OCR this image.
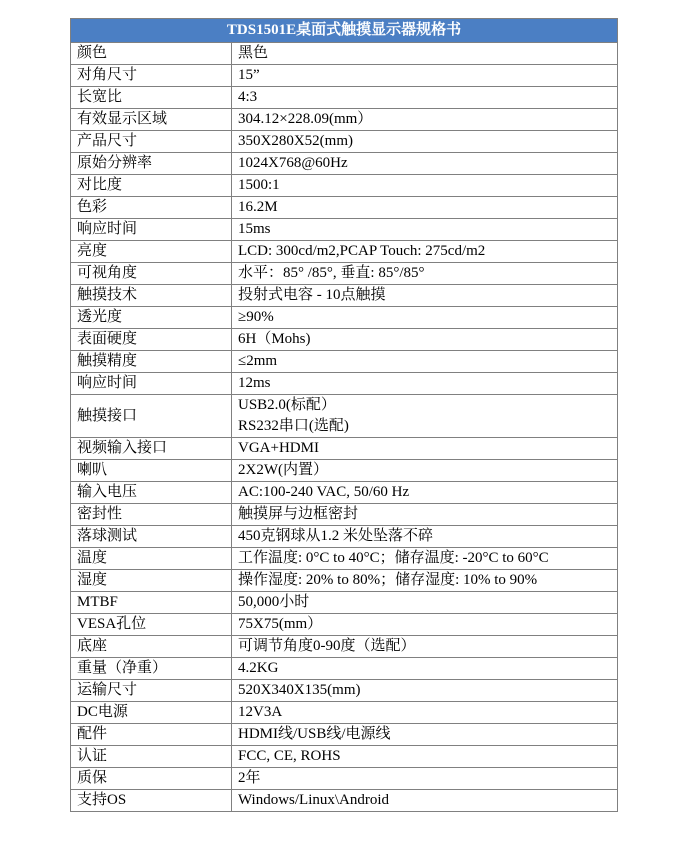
TDS1501E桌面式触摸显示器规格书	
颜色	黑色
对角尺寸	15”
长宽比	4:3
有效显示区域	304.12×228.09(mm）
产品尺寸	350X280X52(mm)
原始分辨率	1024X768@60Hz
对比度	1500:1
色彩	16.2M
响应时间	15ms
亮度	LCD: 300cd/m2,PCAP Touch: 275cd/m2
可视角度	水平：85° /85°, 垂直: 85°/85°
触摸技术	投射式电容 - 10点触摸
透光度	≥90%
表面硬度	6H（Mohs)
触摸精度	≤2mm
响应时间	12ms
触摸接口	USB2.0(标配）
RS232串口(选配)

视频输入接口	VGA+HDMI
喇叭	2X2W(内置）
输入电压	AC:100-240 VAC, 50/60 Hz
密封性	触摸屏与边框密封
落球测试	450克钢球从1.2 米处坠落不碎
温度	工作温度: 0°C to 40°C；储存温度: -20°C to 60°C
湿度	操作湿度: 20% to 80%；储存湿度: 10% to 90%
MTBF	50,000小时
VESA孔位	75X75(mm）
底座	可调节角度0-90度（选配）
重量（净重）	4.2KG
运输尺寸	520X340X135(mm)
DC电源	12V3A
配件	HDMI线/USB线/电源线
认证	FCC, CE, ROHS
质保	2年
支持OS	Windows/Linux\Android
